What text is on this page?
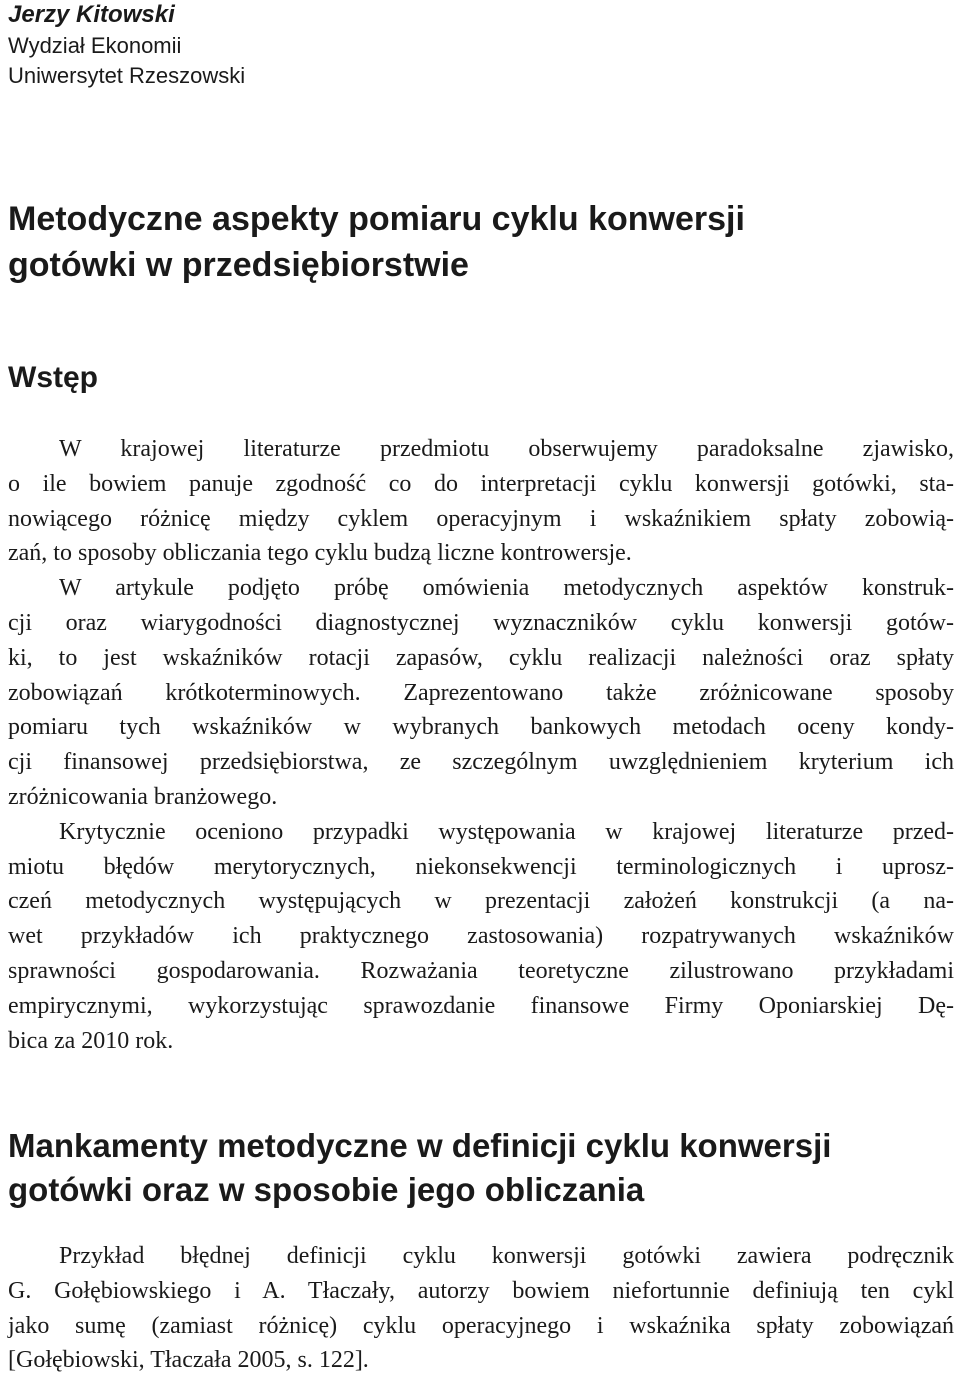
Jerzy Kitowski

Wydział Ekonomii

Uniwersytet Rzeszowski

Metodyczne aspekty pomiaru cyklu konwersji
gotówki w przedsiębiorstwie
Wstęp
W krajowej literaturze przedmiotu obserwujemy paradoksalne zjawisko,
o ile bowiem panuje zgodność co do interpretacji cyklu konwersji gotówki, sta-
nowiącego różnicę między cyklem operacyjnym i wskaźnikiem spłaty zobowią-
zań, to sposoby obliczania tego cyklu budzą liczne kontrowersje.
W artykule podjęto próbę omówienia metodycznych aspektów konstruk-
cji oraz wiarygodności diagnostycznej wyznaczników cyklu konwersji gotów-
ki, to jest wskaźników rotacji zapasów, cyklu realizacji należności oraz spłaty
zobowiązań krótkoterminowych. Zaprezentowano także zróżnicowane sposoby
pomiaru tych wskaźników w wybranych bankowych metodach oceny kondy-
cji finansowej przedsiębiorstwa, ze szczególnym uwzględnieniem kryterium ich
zróżnicowania branżowego.
Krytycznie oceniono przypadki występowania w krajowej literaturze przed-
miotu błędów merytorycznych, niekonsekwencji terminologicznych i uprosz-
czeń metodycznych występujących w prezentacji założeń konstrukcji (a na-
wet przykładów ich praktycznego zastosowania) rozpatrywanych wskaźników
sprawności gospodarowania. Rozważania teoretyczne zilustrowano przykładami
empirycznymi, wykorzystując sprawozdanie finansowe Firmy Oponiarskiej Dę-
bica za 2010 rok.
Mankamenty metodyczne w definicji cyklu konwersji
gotówki oraz w sposobie jego obliczania
Przykład błędnej definicji cyklu konwersji gotówki zawiera podręcznik
G. Gołębiowskiego i A. Tłaczały, autorzy bowiem niefortunnie definiują ten cykl
jako sumę (zamiast różnicę) cyklu operacyjnego i wskaźnika spłaty zobowiązań
[Gołębiowski, Tłaczała 2005, s. 122].
